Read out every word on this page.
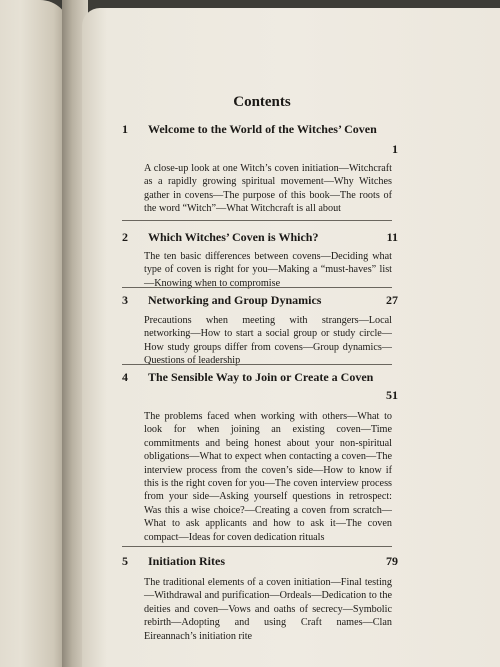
Contents
1 Welcome to the World of the Witches’ Coven
1
A close-up look at one Witch’s coven initiation—Witchcraft as a rapidly growing spiritual movement—Why Witches gather in covens—The purpose of this book—The roots of the word “Witch”—What Witchcraft is all about
2 Which Witches’ Coven is Which?	11
The ten basic differences between covens—Deciding what type of coven is right for you—Making a “must-haves” list—Knowing when to compromise
3 Networking and Group Dynamics	27
Precautions when meeting with strangers—Local networking—How to start a social group or study circle—How study groups differ from covens—Group dynamics—Questions of leadership
4 The Sensible Way to Join or Create a Coven
51
The problems faced when working with others—What to look for when joining an existing coven—Time commitments and being honest about your non-spiritual obligations—What to expect when contacting a coven—The interview process from the coven’s side—How to know if this is the right coven for you—The coven interview process from your side—Asking yourself questions in retrospect: Was this a wise choice?—Creating a coven from scratch—What to ask applicants and how to ask it—The coven compact—Ideas for coven dedication rituals
5 Initiation Rites	79
The traditional elements of a coven initiation—Final testing—Withdrawal and purification—Ordeals—Dedication to the deities and coven—Vows and oaths of secrecy—Symbolic rebirth—Adopting and using Craft names—Clan Eireannach’s initiation rite
